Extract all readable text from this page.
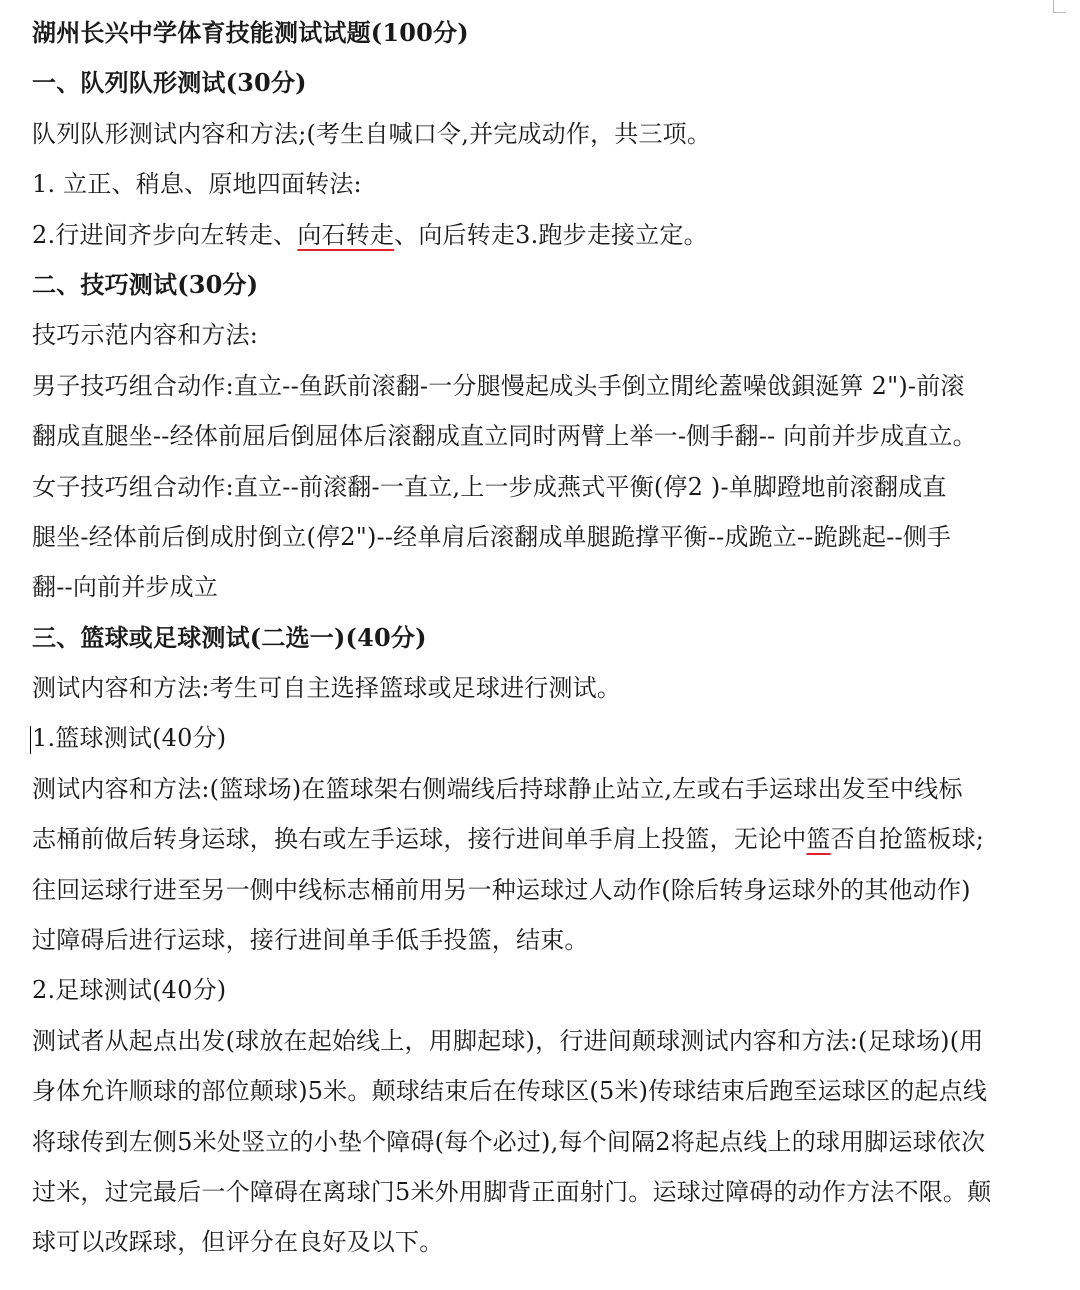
湖州长兴中学体育技能测试试题(100分)
一、队列队形测试(30分)
队列队形测试内容和方法;(考生自喊口令,并完成动作，共三项。
1. 立正、稍息、原地四面转法:
2.行进间齐步向左转走、向石转走、向后转走3.跑步走接立定。
二、技巧测试(30分)
技巧示范内容和方法:
男子技巧组合动作:直立--鱼跃前滚翻-一分腿慢起成头手倒立閒纶蓋噪戗鋇涎箅 2")-前滚
翻成直腿坐--经体前屈后倒屈体后滚翻成直立同时两臂上举一-侧手翻-- 向前并步成直立。
女子技巧组合动作:直立--前滚翻-一直立,上一步成燕式平衡(停2 )-单脚蹬地前滚翻成直
腿坐-经体前后倒成肘倒立(停2")--经单肩后滚翻成单腿跪撑平衡--成跪立--跪跳起--侧手
翻--向前并步成立
三、篮球或足球测试(二选一)(40分)
测试内容和方法:考生可自主选择篮球或足球进行测试。
1.篮球测试(40分)
测试内容和方法:(篮球场)在篮球架右侧端线后持球静止站立,左或右手运球出发至中线标
志桶前做后转身运球，换右或左手运球，接行进间单手肩上投篮，无论中篮否自抢篮板球;
往回运球行进至另一侧中线标志桶前用另一种运球过人动作(除后转身运球外的其他动作)
过障碍后进行运球，接行进间单手低手投篮，结束。
2.足球测试(40分)
测试者从起点出发(球放在起始线上，用脚起球)，行进间颠球测试内容和方法:(足球场)(用
身体允许顺球的部位颠球)5米。颠球结束后在传球区(5米)传球结束后跑至运球区的起点线
将球传到左侧5米处竖立的小垫个障碍(每个必过),每个间隔2将起点线上的球用脚运球依次
过米，过完最后一个障碍在离球门5米外用脚背正面射门。运球过障碍的动作方法不限。颠
球可以改踩球，但评分在良好及以下。
